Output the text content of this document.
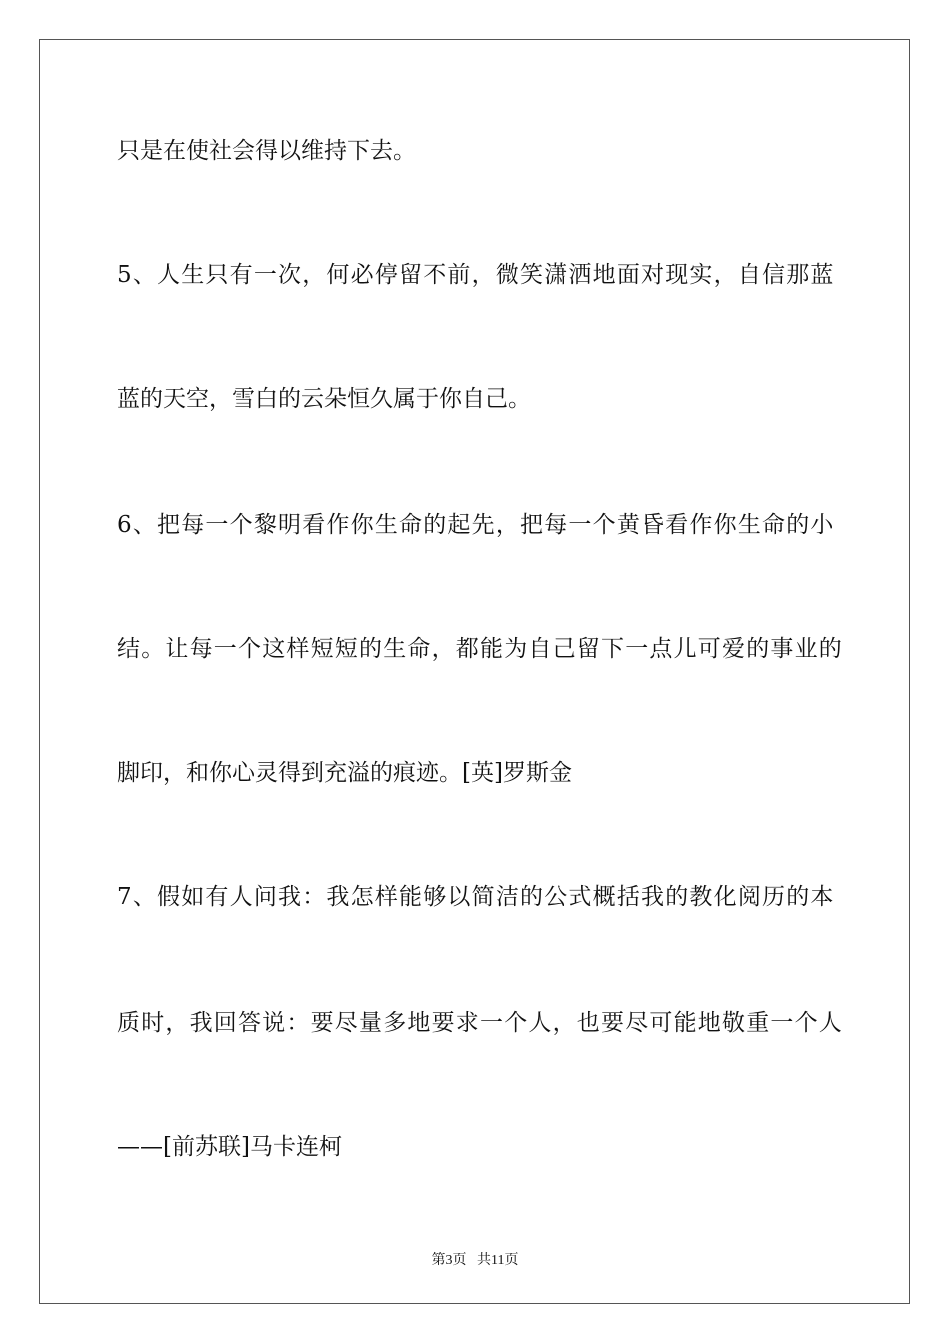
只是在使社会得以维持下去。
5、人生只有一次，何必停留不前，微笑潇洒地面对现实，自信那蓝
蓝的天空，雪白的云朵恒久属于你自己。
6、把每一个黎明看作你生命的起先，把每一个黄昏看作你生命的小
结。让每一个这样短短的生命，都能为自己留下一点儿可爱的事业的
脚印，和你心灵得到充溢的痕迹。[英]罗斯金
7、假如有人问我：我怎样能够以简洁的公式概括我的教化阅历的本
质时，我回答说：要尽量多地要求一个人，也要尽可能地敬重一个人
——[前苏联]马卡连柯
第3页   共11页
